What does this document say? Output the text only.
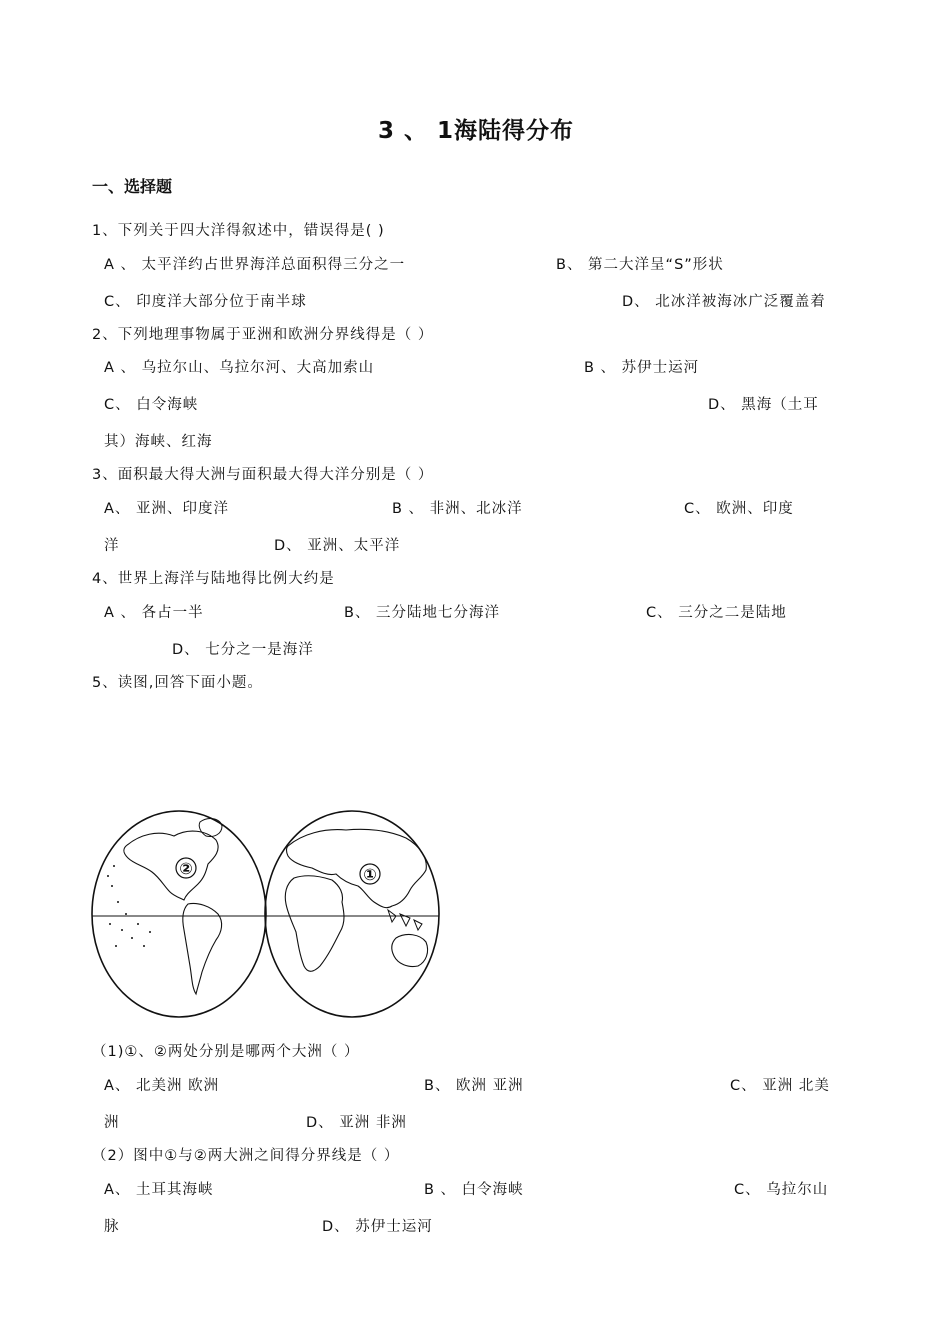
3 、 1海陆得分布
一、选择题
1、下列关于四大洋得叙述中，错误得是( )
A 、 太平洋约占世界海洋总面积得三分之一	B、 第二大洋呈“S”形状
C、 印度洋大部分位于南半球	D、 北冰洋被海冰广泛覆盖着
2、下列地理事物属于亚洲和欧洲分界线得是（ ）
A 、 乌拉尔山、乌拉尔河、大高加索山	B 、 苏伊士运河
C、 白令海峡	D、 黑海（土耳
其）海峡、红海
3、面积最大得大洲与面积最大得大洋分别是（ ）
A、 亚洲、印度洋	B 、 非洲、北冰洋	C、 欧洲、印度
洋	D、 亚洲、太平洋
4、世界上海洋与陆地得比例大约是
A 、 各占一半	B、 三分陆地七分海洋	C、 三分之二是陆地
D、 七分之一是海洋
5、读图,回答下面小题。
②	①
（1)①、②两处分别是哪两个大洲（ ）
A、 北美洲 欧洲	B、 欧洲 亚洲	C、 亚洲 北美
洲	D、 亚洲 非洲
（2）图中①与②两大洲之间得分界线是（ ）
A、 土耳其海峡	B 、 白令海峡	C、 乌拉尔山
脉	D、 苏伊士运河
